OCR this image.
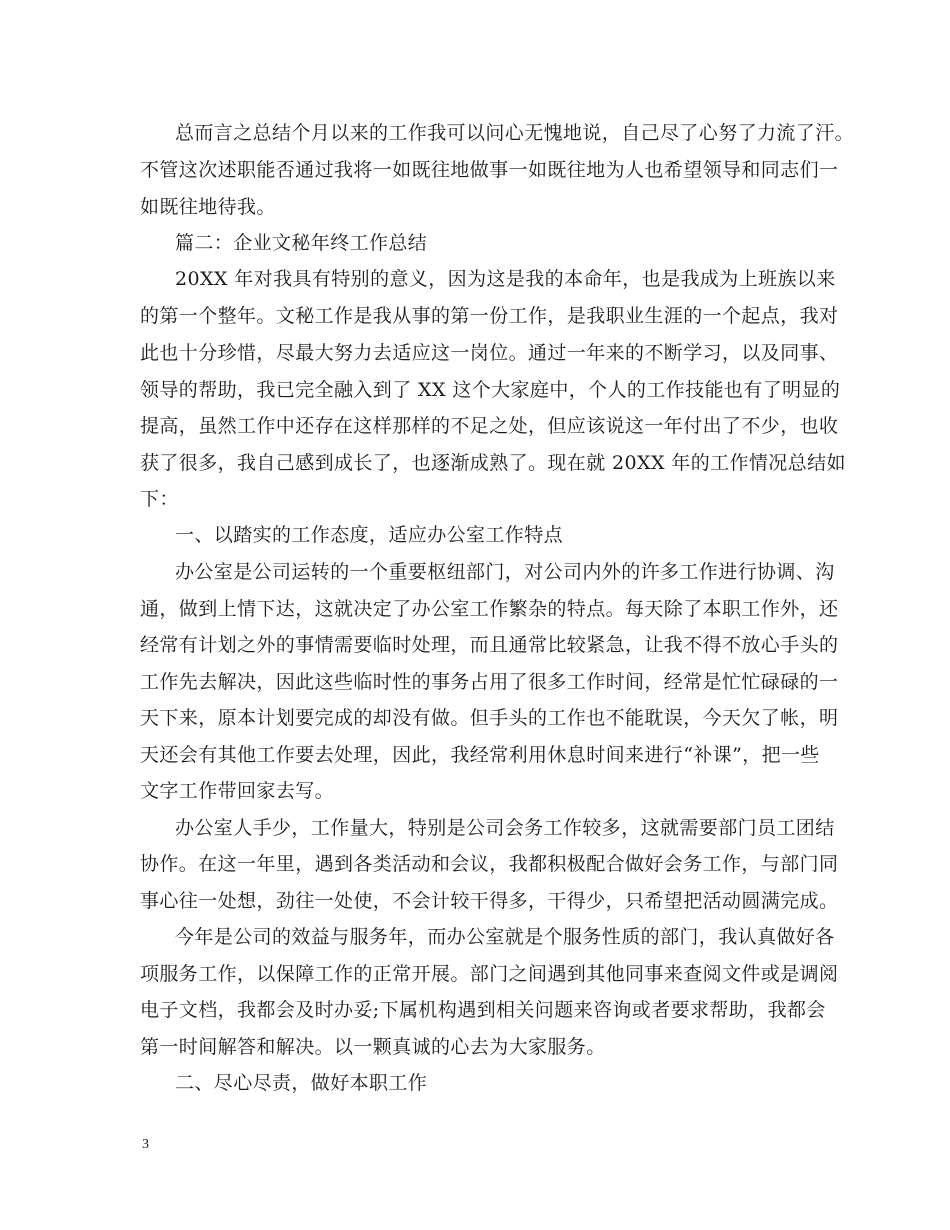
总而言之总结个月以来的工作我可以问心无愧地说，自己尽了心努了力流了汗。
不管这次述职能否通过我将一如既往地做事一如既往地为人也希望领导和同志们一
如既往地待我。
篇二：企业文秘年终工作总结
20XX 年对我具有特别的意义，因为这是我的本命年，也是我成为上班族以来
的第一个整年。文秘工作是我从事的第一份工作，是我职业生涯的一个起点，我对
此也十分珍惜，尽最大努力去适应这一岗位。通过一年来的不断学习，以及同事、
领导的帮助，我已完全融入到了 XX 这个大家庭中，个人的工作技能也有了明显的
提高，虽然工作中还存在这样那样的不足之处，但应该说这一年付出了不少，也收
获了很多，我自己感到成长了，也逐渐成熟了。现在就 20XX 年的工作情况总结如
下：
一、以踏实的工作态度，适应办公室工作特点
办公室是公司运转的一个重要枢纽部门，对公司内外的许多工作进行协调、沟
通，做到上情下达，这就决定了办公室工作繁杂的特点。每天除了本职工作外，还
经常有计划之外的事情需要临时处理，而且通常比较紧急，让我不得不放心手头的
工作先去解决，因此这些临时性的事务占用了很多工作时间，经常是忙忙碌碌的一
天下来，原本计划要完成的却没有做。但手头的工作也不能耽误，今天欠了帐，明
天还会有其他工作要去处理，因此，我经常利用休息时间来进行“补课”，把一些
文字工作带回家去写。
办公室人手少，工作量大，特别是公司会务工作较多，这就需要部门员工团结
协作。在这一年里，遇到各类活动和会议，我都积极配合做好会务工作，与部门同
事心往一处想，劲往一处使，不会计较干得多，干得少，只希望把活动圆满完成。
今年是公司的效益与服务年，而办公室就是个服务性质的部门，我认真做好各
项服务工作，以保障工作的正常开展。部门之间遇到其他同事来查阅文件或是调阅
电子文档，我都会及时办妥;下属机构遇到相关问题来咨询或者要求帮助，我都会
第一时间解答和解决。以一颗真诚的心去为大家服务。
二、尽心尽责，做好本职工作
3
